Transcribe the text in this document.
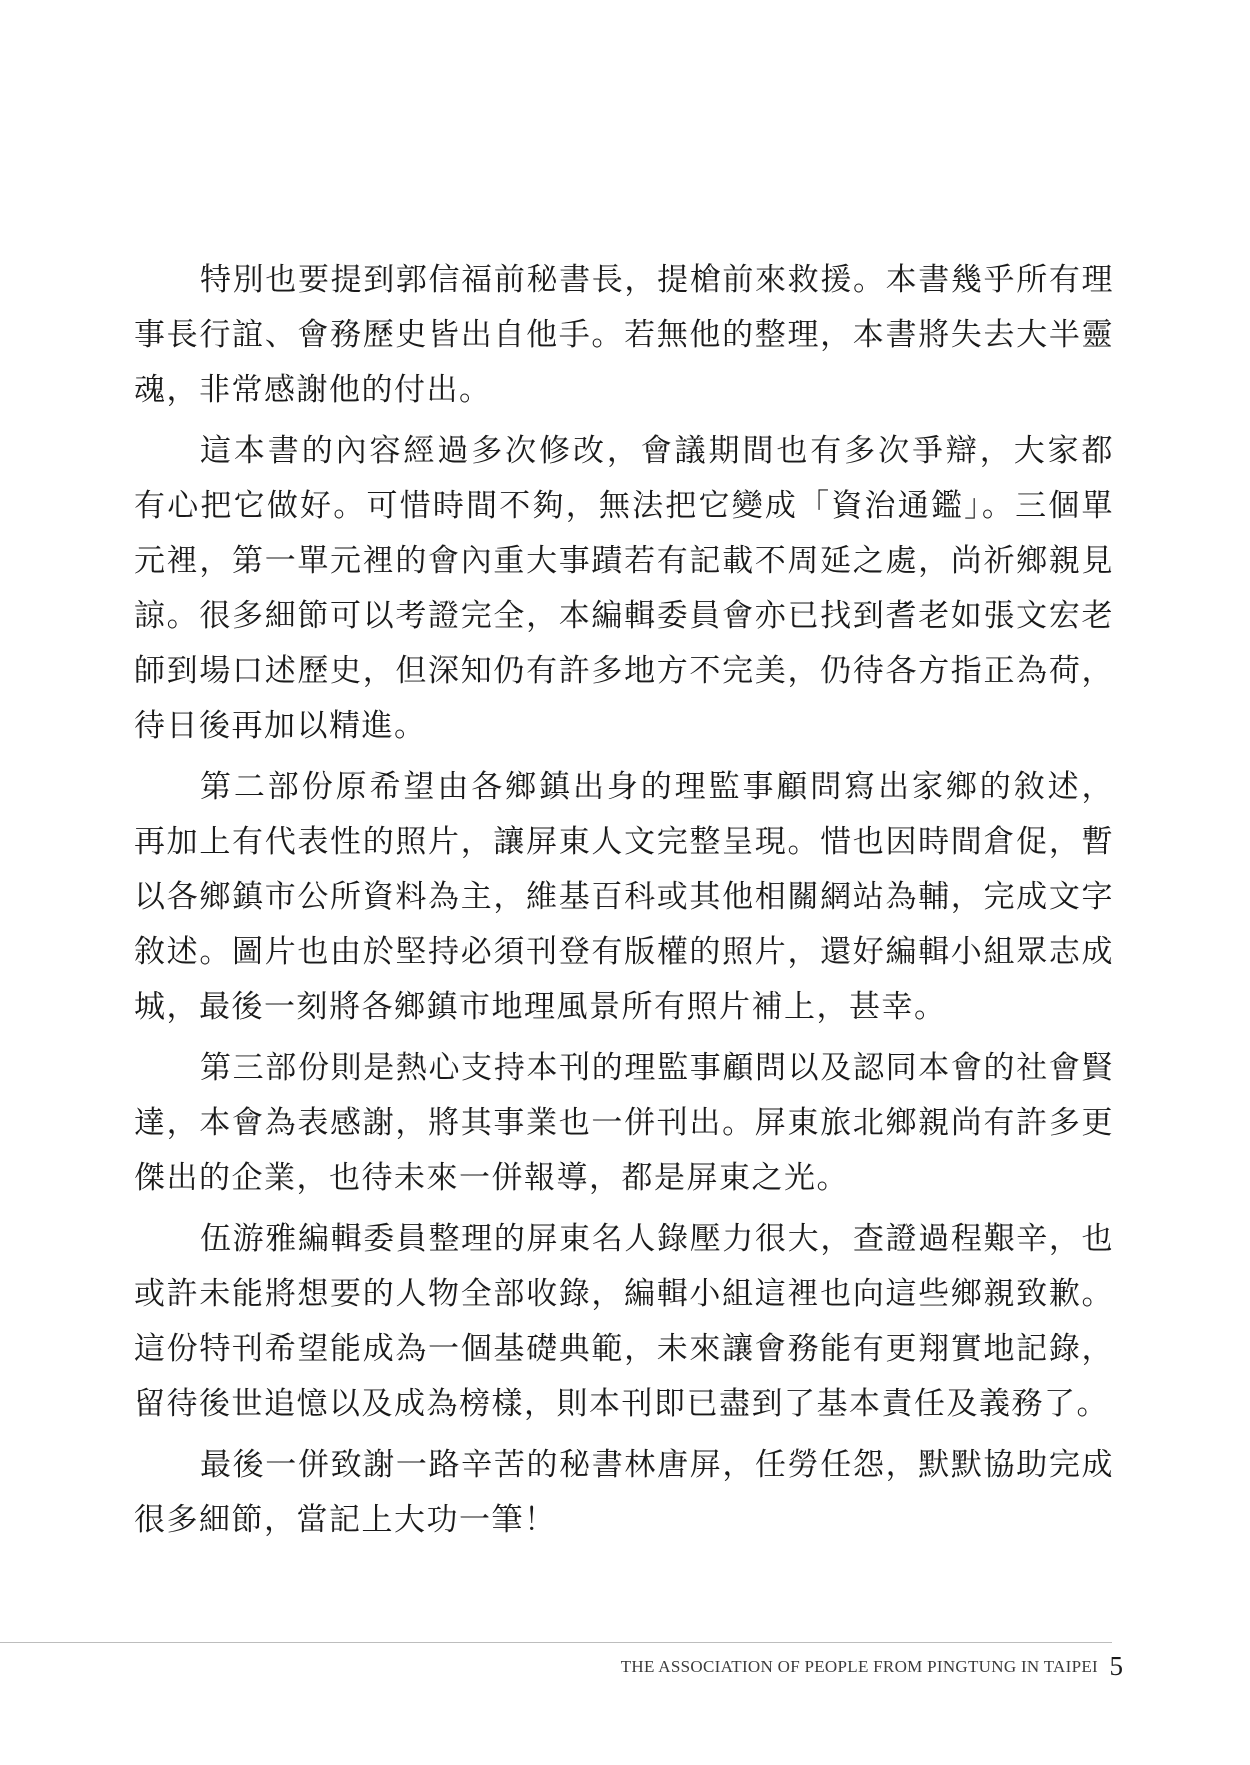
特別也要提到郭信福前秘書長，提槍前來救援。本書幾乎所有理
事長行誼、會務歷史皆出自他手。若無他的整理，本書將失去大半靈
魂，非常感謝他的付出。
這本書的內容經過多次修改，會議期間也有多次爭辯，大家都
有心把它做好。可惜時間不夠，無法把它變成「資治通鑑」。三個單
元裡，第一單元裡的會內重大事蹟若有記載不周延之處，尚祈鄉親見
諒。很多細節可以考證完全，本編輯委員會亦已找到耆老如張文宏老
師到場口述歷史，但深知仍有許多地方不完美，仍待各方指正為荷，
待日後再加以精進。
第二部份原希望由各鄉鎮出身的理監事顧問寫出家鄉的敘述，
再加上有代表性的照片，讓屏東人文完整呈現。惜也因時間倉促，暫
以各鄉鎮市公所資料為主，維基百科或其他相關網站為輔，完成文字
敘述。圖片也由於堅持必須刊登有版權的照片，還好編輯小組眾志成
城，最後一刻將各鄉鎮市地理風景所有照片補上，甚幸。
第三部份則是熱心支持本刊的理監事顧問以及認同本會的社會賢
達，本會為表感謝，將其事業也一併刊出。屏東旅北鄉親尚有許多更
傑出的企業，也待未來一併報導，都是屏東之光。
伍游雅編輯委員整理的屏東名人錄壓力很大，查證過程艱辛，也
或許未能將想要的人物全部收錄，編輯小組這裡也向這些鄉親致歉。
這份特刊希望能成為一個基礎典範，未來讓會務能有更翔實地記錄，
留待後世追憶以及成為榜樣，則本刊即已盡到了基本責任及義務了。
最後一併致謝一路辛苦的秘書林唐屏，任勞任怨，默默協助完成
很多細節，當記上大功一筆！
THE ASSOCIATION OF PEOPLE FROM PINGTUNG IN TAIPEI 5
